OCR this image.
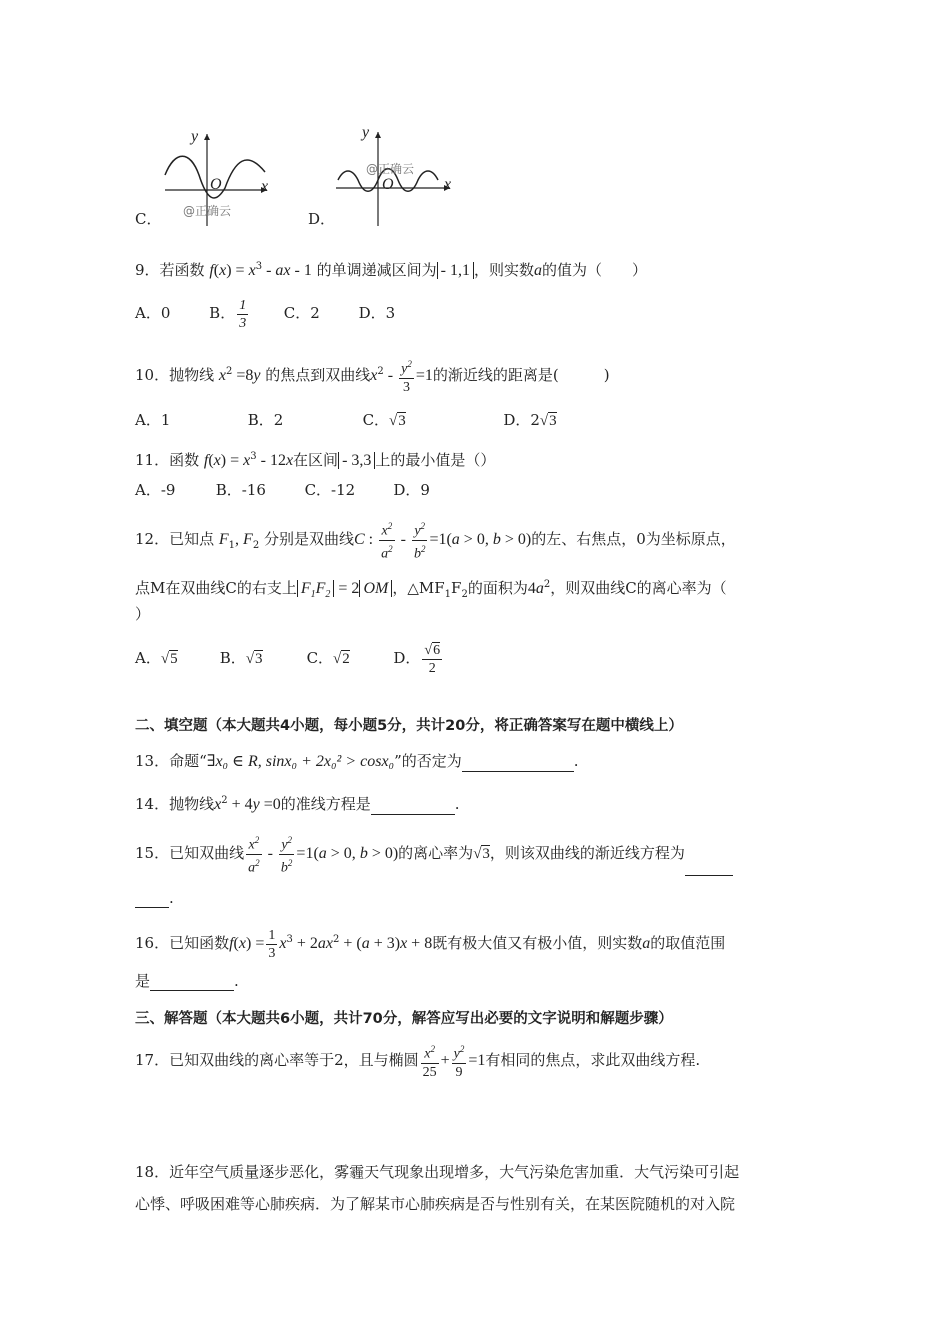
C．
y
x
O
@正确云	D．
y
x
O
@正确云
9．若函数 $f(x) = x^3$ - ax - 1 的单调递减区间为 - 1,1 ，则实数a的值为（　　）
A．0	B． $\frac{1}{3}$ C．2	D．3
10．抛物线 $x^2 =8y$ 的焦点到双曲线$x^2 - \frac{y^2}{3} =1$的渐近线的距离是(　　　)
A．1	B．2	C．√3	D．2√3
11．函数 $f(x) = x^3 - 12x$在区间 - 3,3 上的最小值是（）
A．-9	B．-16	C．-12	D．9
12．已知点 $F_1$, $F_2$ 分别是双曲线C : $\frac{x^2}{a^2} - \frac{y^2}{b^2} =1(a > 0$, b > 0)的左、右焦点，0为坐标原点，
点M在双曲线C的右支上 $F_1F_2 = 2$ OM ，$\triangle MF_1F_2$的面积为$4a^2$，则双曲线C的离心率为（
）
A．√5	B．√3	C．√2	D． $\frac{√6}{2}$
二、填空题（本大题共4小题，每小题5分，共计20分，将正确答案写在题中横线上）
13．命题“∃x₀ ∈ R, sinx₀ + 2x₀² > cosx₀”的否定为	.
14．抛物线$x^2 + 4y =0$的准线方程是	.
15．已知双曲线 $\frac{x^2}{a^2} - \frac{y^2}{b^2} =1(a > 0$, b > 0)的离心率为√3，则该双曲线的渐近线方程为
.
16．已知函数$f(x) = \frac{1}{3} x^3 + 2ax^2 + (a + 3)x + 8$既有极大值又有极小值，则实数a的取值范围
是	.
三、解答题（本大题共6小题，共计70分，解答应写出必要的文字说明和解题步骤）
17．已知双曲线的离心率等于2，且与椭圆 $\frac{x^2}{25} + \frac{y^2}{9} =1$有相同的焦点，求此双曲线方程.
18．近年空气质量逐步恶化，雾霾天气现象出现增多，大气污染危害加重．大气污染可引起
心悸、呼吸困难等心肺疾病．为了解某市心肺疾病是否与性别有关，在某医院随机的对入院
